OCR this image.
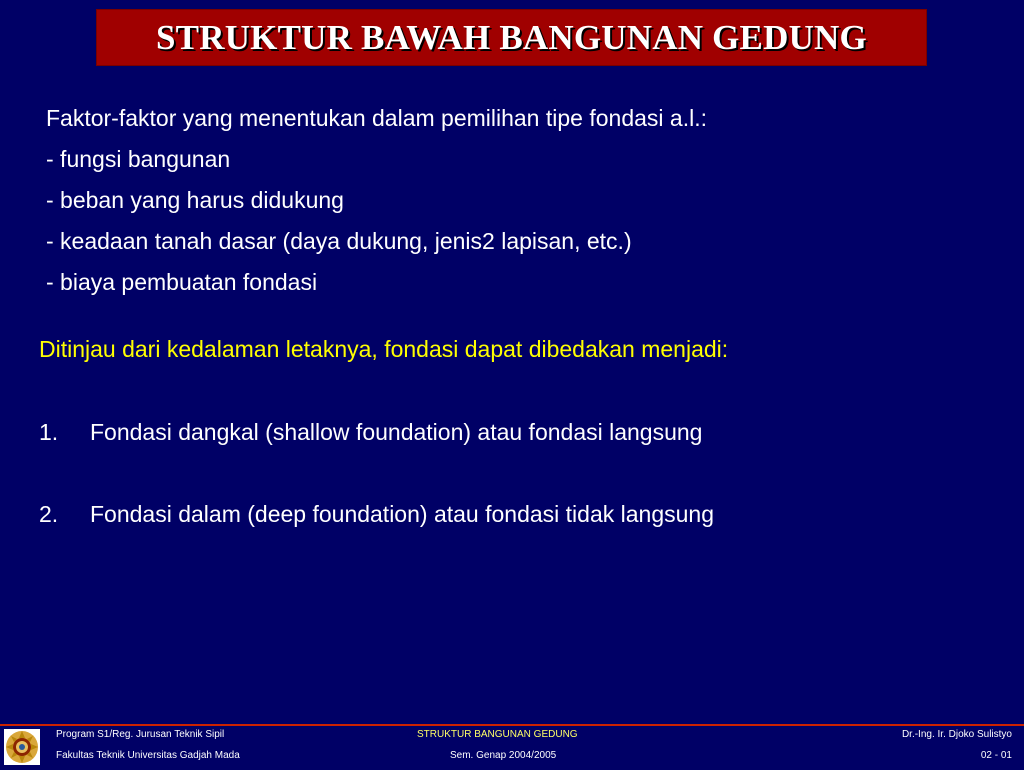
STRUKTUR BAWAH BANGUNAN GEDUNG
Faktor-faktor yang menentukan dalam pemilihan tipe fondasi a.l.:
- fungsi bangunan
- beban yang harus didukung
- keadaan tanah dasar (daya dukung, jenis2 lapisan, etc.)
- biaya pembuatan fondasi
Ditinjau dari kedalaman letaknya, fondasi dapat dibedakan menjadi:
1. Fondasi dangkal (shallow foundation) atau fondasi langsung
2. Fondasi dalam (deep foundation) atau fondasi tidak langsung
Program S1/Reg. Jurusan Teknik Sipil
Fakultas Teknik Universitas Gadjah Mada
STRUKTUR BANGUNAN GEDUNG
Sem. Genap 2004/2005
Dr.-Ing. Ir. Djoko Sulistyo
02 - 01
